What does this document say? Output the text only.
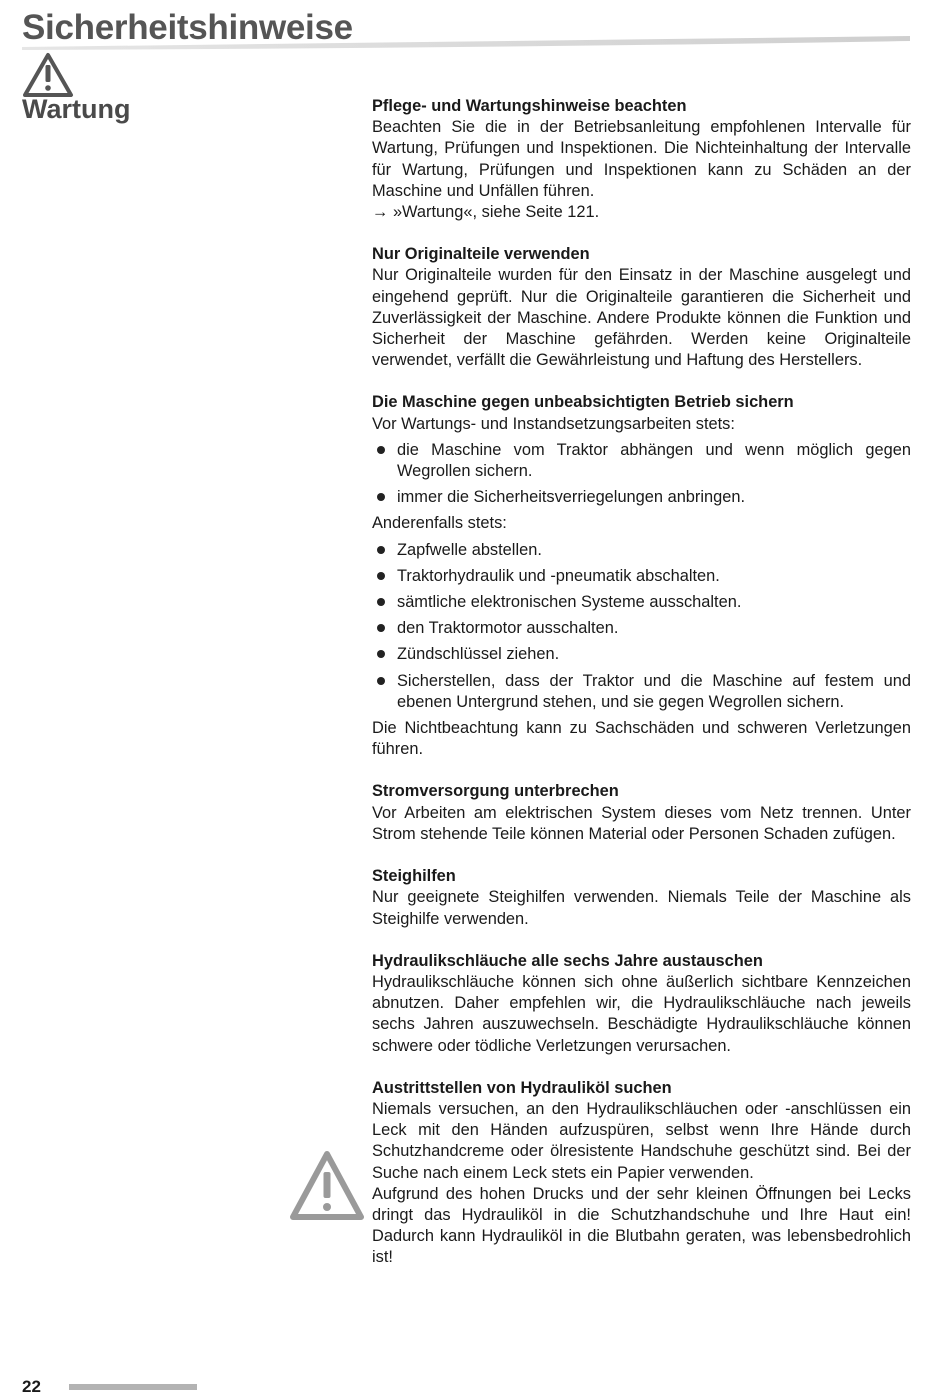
Sicherheitshinweise
Wartung	Pflege- und Wartungshinweise beachten

Beachten Sie die in der Betriebsanleitung empfohlenen Intervalle für Wartung, Prüfungen und Inspektionen. Die Nichteinhaltung der Intervalle für Wartung, Prüfungen und Inspektionen kann zu Schäden an der Maschine und Unfällen führen.

→ »Wartung«, siehe Seite 121.

Nur Originalteile verwenden

Nur Originalteile wurden für den Einsatz in der Maschine ausgelegt und eingehend geprüft. Nur die Originalteile garantieren die Sicherheit und Zuverlässigkeit der Maschine. Andere Produkte können die Funktion und Sicherheit der Maschine gefährden. Werden keine Originalteile verwendet, verfällt die Gewährleistung und Haftung des Herstellers.

Die Maschine gegen unbeabsichtigten Betrieb sichern

Vor Wartungs- und Instandsetzungsarbeiten stets:

die Maschine vom Traktor abhängen und wenn möglich gegen Wegrollen sichern.
immer die Sicherheitsverriegelungen anbringen.

Anderenfalls stets:

Zapfwelle abstellen.
Traktorhydraulik und -pneumatik abschalten.
sämtliche elektronischen Systeme ausschalten.
den Traktormotor ausschalten.
Zündschlüssel ziehen.
Sicherstellen, dass der Traktor und die Maschine auf festem und ebenen Untergrund stehen, und sie gegen Wegrollen sichern.

Die Nichtbeachtung kann zu Sachschäden und schweren Verletzungen führen.

Stromversorgung unterbrechen

Vor Arbeiten am elektrischen System dieses vom Netz trennen. Unter Strom stehende Teile können Material oder Personen Schaden zufügen.

Steighilfen

Nur geeignete Steighilfen verwenden. Niemals Teile der Maschine als Steighilfe verwenden.

Hydraulikschläuche alle sechs Jahre austauschen

Hydraulikschläuche können sich ohne äußerlich sichtbare Kennzeichen abnutzen. Daher empfehlen wir, die Hydraulikschläuche nach jeweils sechs Jahren auszuwechseln. Beschädigte Hydraulikschläuche können schwere oder tödliche Verletzungen verursachen.

Austrittstellen von Hydrauliköl suchen

Niemals versuchen, an den Hydraulikschläuchen oder -anschlüssen ein Leck mit den Händen aufzuspüren, selbst wenn Ihre Hände durch Schutzhandcreme oder ölresistente Handschuhe geschützt sind. Bei der Suche nach einem Leck stets ein Papier verwenden.

Aufgrund des hohen Drucks und der sehr kleinen Öffnungen bei Lecks dringt das Hydrauliköl in die Schutzhandschuhe und Ihre Haut ein! Dadurch kann Hydrauliköl in die Blutbahn geraten, was lebensbedrohlich ist!

22
